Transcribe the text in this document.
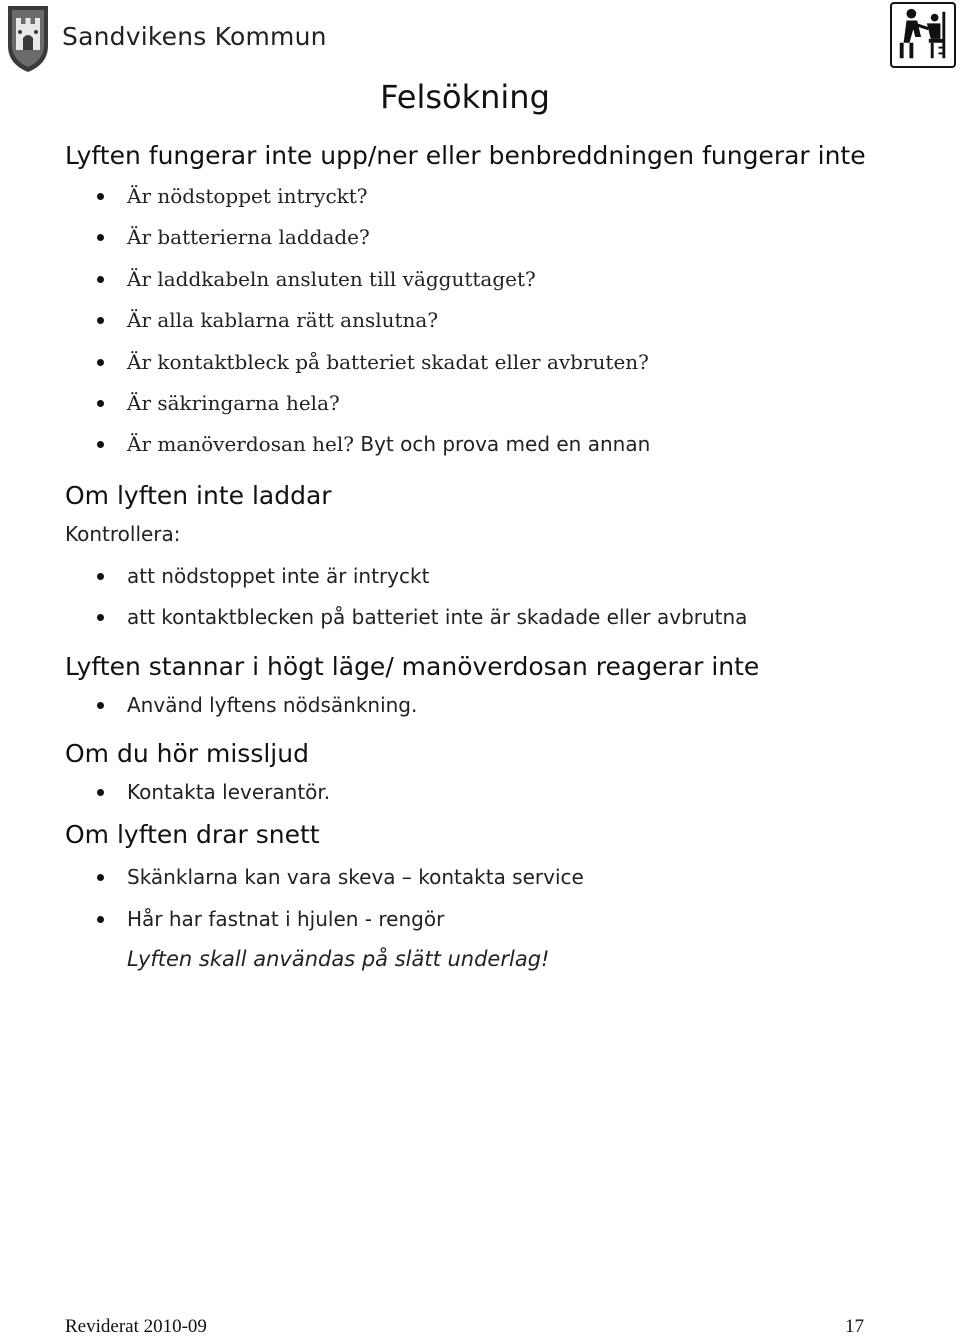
Sandvikens Kommun
Felsökning
Lyften fungerar inte upp/ner eller benbreddningen fungerar inte
Är nödstoppet intryckt?
Är batterierna laddade?
Är laddkabeln ansluten till vägguttaget?
Är alla kablarna rätt anslutna?
Är kontaktbleck på batteriet skadat eller avbruten?
Är säkringarna hela?
Är manöverdosan hel? Byt och prova med en annan
Om lyften inte laddar
Kontrollera:
att nödstoppet inte är intryckt
att kontaktblecken på batteriet inte är skadade eller avbrutna
Lyften stannar i högt läge/ manöverdosan reagerar inte
Använd lyftens nödsänkning.
Om du hör missljud
Kontakta leverantör.
Om lyften drar snett
Skänklarna kan vara skeva – kontakta service
Hår har fastnat i hjulen - rengör
Lyften skall användas på slätt underlag!
Reviderat 2010-09	17
